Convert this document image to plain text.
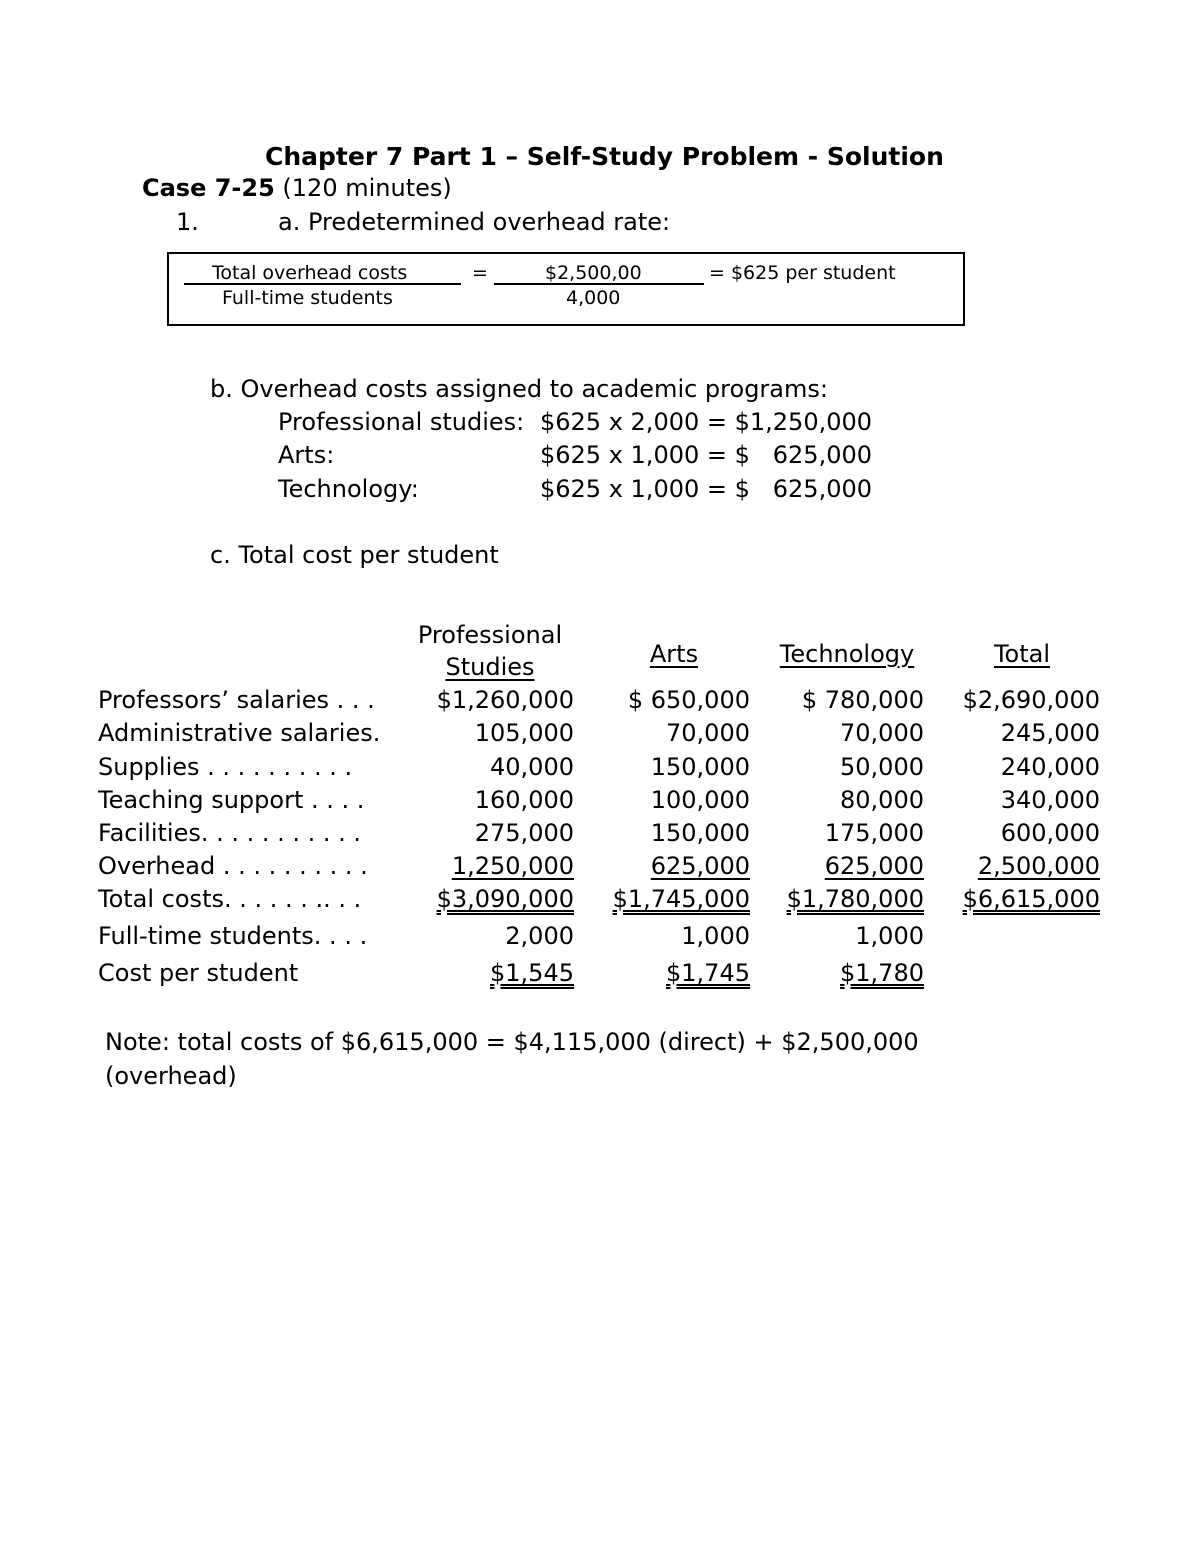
Chapter 7 Part 1 – Self-Study Problem - Solution
Case 7-25 (120 minutes)
1.	a. Predetermined overhead rate:
Total overhead costs
Full-time students
=	$2,500,00
4,000
= $625 per student
b. Overhead costs assigned to academic programs:
Professional studies: $625 x 2,000 = $1,250,000
Arts:	$625 x 1,000 = $   625,000
Technology:	$625 x 1,000 = $   625,000
c. Total cost per student
Professional
Studies	Arts	Technology	Total
Professors’ salaries . . .	$1,260,000	$ 650,000	$ 780,000	$2,690,000
Administrative salaries.	105,000	70,000	70,000	245,000
Supplies . . . . . . . . . .	40,000	150,000	50,000	240,000
Teaching support . . . .	160,000	100,000	80,000	340,000
Facilities. . . . . . . . . . .	275,000	150,000	175,000	600,000
Overhead . . . . . . . . . .	1,250,000	625,000	625,000	2,500,000
Total costs. . . . . . .. . .	$3,090,000	$1,745,000	$1,780,000	$6,615,000
Full-time students. . . .	2,000	1,000	1,000
Cost per student	$1,545	$1,745	$1,780
Note: total costs of $6,615,000 = $4,115,000 (direct) + $2,500,000
(overhead)
